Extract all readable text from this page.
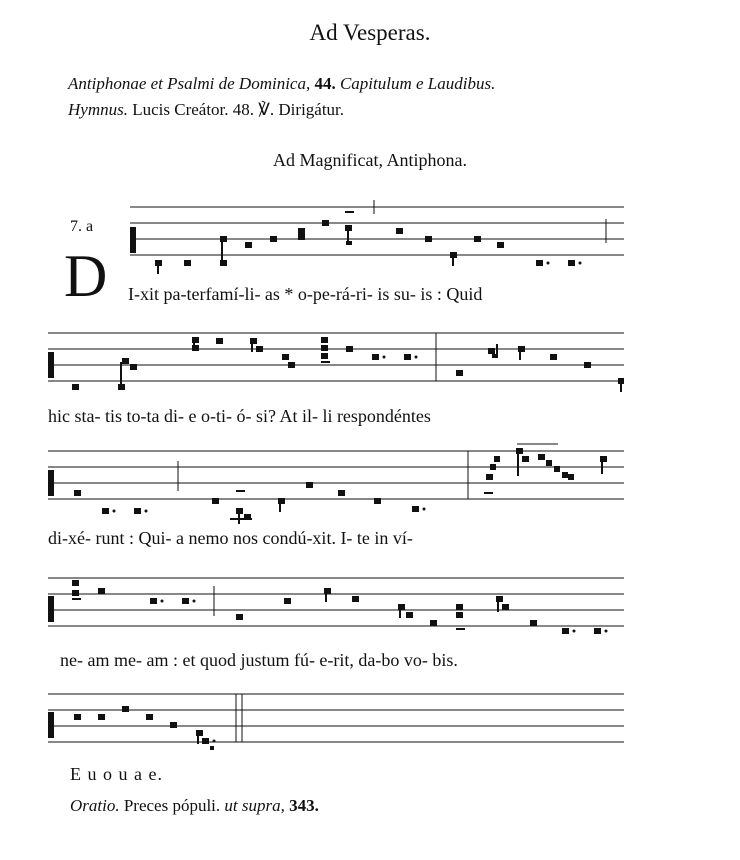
Ad Vesperas.
Antiphonae et Psalmi de Dominica, 44. Capitulum e Laudibus.
Hymnus. Lucis Creátor. 48. ℣. Dirigátur.
Ad Magnificat, Antiphona.
7. a
D I-xit pa-terfamí-li- as * o-pe-rá-ri- is su- is : Quid
hic sta- tis to-ta di- e o-ti- ó- si? At il- li respondéntes
di-xé- runt : Qui- a nemo nos condú-xit. I- te in ví-
ne- am me- am : et quod justum fú- e-rit, da-bo vo- bis.
E u o u a e.
Oratio. Preces pópuli. ut supra, 343.
